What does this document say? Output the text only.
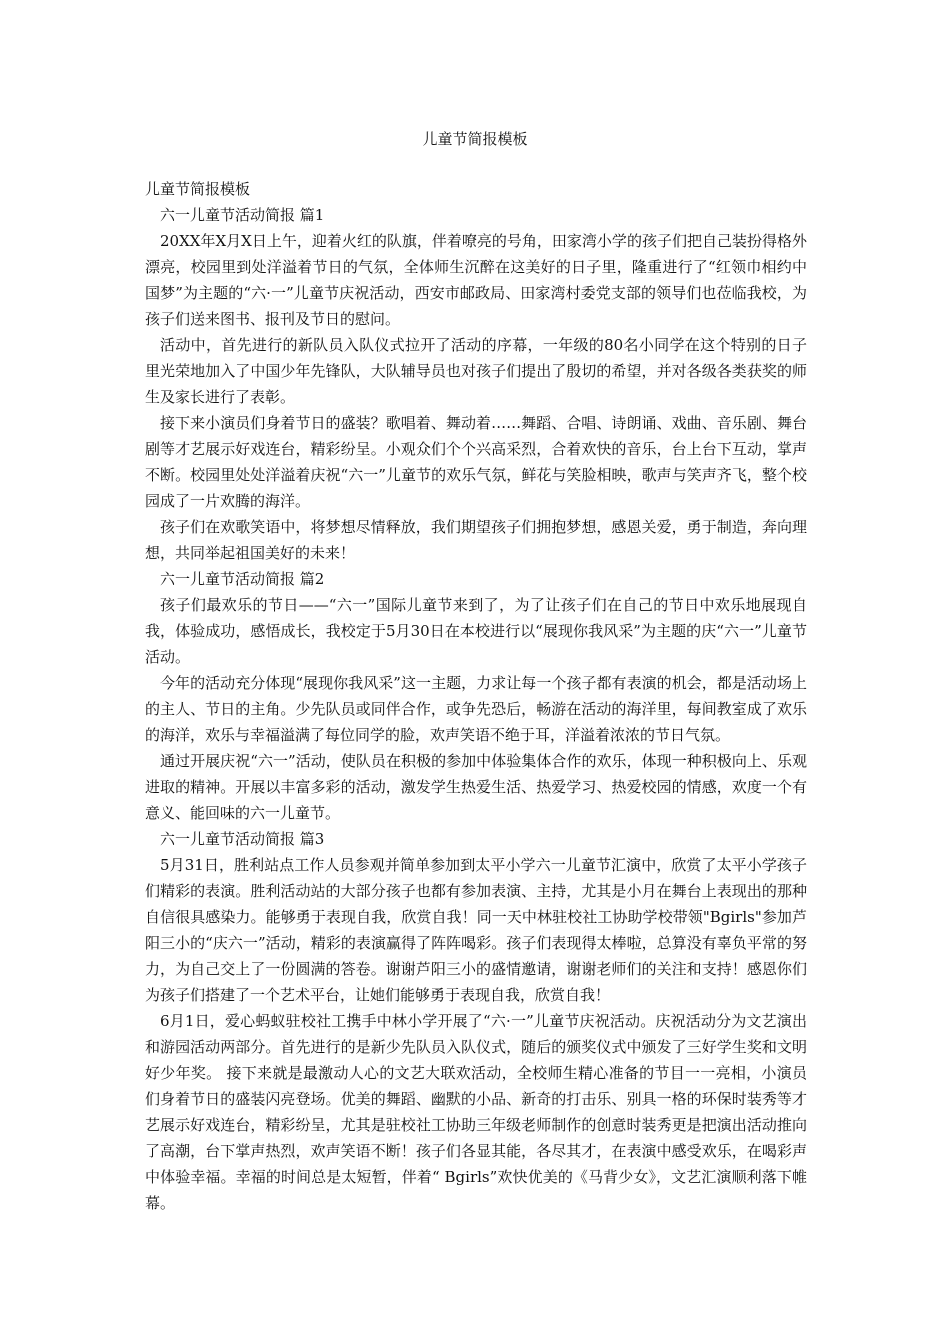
儿童节简报模板

儿童节简报模板

六一儿童节活动简报 篇1

20XX年X月X日上午，迎着火红的队旗，伴着嘹亮的号角，田家湾小学的孩子们把自己装扮得格外漂亮，校园里到处洋溢着节日的气氛，全体师生沉醉在这美好的日子里，隆重进行了“红领巾相约中国梦”为主题的“六·一”儿童节庆祝活动，西安市邮政局、田家湾村委党支部的领导们也莅临我校，为孩子们送来图书、报刊及节日的慰问。

活动中，首先进行的新队员入队仪式拉开了活动的序幕，一年级的80名小同学在这个特别的日子里光荣地加入了中国少年先锋队，大队辅导员也对孩子们提出了殷切的希望，并对各级各类获奖的师生及家长进行了表彰。

接下来小演员们身着节日的盛装？歌唱着、舞动着……舞蹈、合唱、诗朗诵、戏曲、音乐剧、舞台剧等才艺展示好戏连台，精彩纷呈。小观众们个个兴高采烈，合着欢快的音乐，台上台下互动，掌声不断。校园里处处洋溢着庆祝“六一”儿童节的欢乐气氛，鲜花与笑脸相映，歌声与笑声齐飞，整个校园成了一片欢腾的海洋。

孩子们在欢歌笑语中，将梦想尽情释放，我们期望孩子们拥抱梦想，感恩关爱，勇于制造，奔向理想，共同举起祖国美好的未来！

六一儿童节活动简报 篇2

孩子们最欢乐的节日——“六一”国际儿童节来到了，为了让孩子们在自己的节日中欢乐地展现自我，体验成功，感悟成长，我校定于5月30日在本校进行以“展现你我风采”为主题的庆“六一”儿童节活动。

今年的活动充分体现“展现你我风采”这一主题，力求让每一个孩子都有表演的机会，都是活动场上的主人、节日的主角。少先队员或同伴合作，或争先恐后，畅游在活动的海洋里，每间教室成了欢乐的海洋，欢乐与幸福溢满了每位同学的脸，欢声笑语不绝于耳，洋溢着浓浓的节日气氛。

通过开展庆祝“六一”活动，使队员在积极的参加中体验集体合作的欢乐，体现一种积极向上、乐观进取的精神。开展以丰富多彩的活动，激发学生热爱生活、热爱学习、热爱校园的情感，欢度一个有意义、能回味的六一儿童节。

六一儿童节活动简报 篇3

5月31日，胜利站点工作人员参观并简单参加到太平小学六一儿童节汇演中，欣赏了太平小学孩子们精彩的表演。胜利活动站的大部分孩子也都有参加表演、主持，尤其是小月在舞台上表现出的那种自信很具感染力。能够勇于表现自我，欣赏自我！同一天中林驻校社工协助学校带领"Bgirls"参加芦阳三小的“庆六一”活动，精彩的表演赢得了阵阵喝彩。孩子们表现得太棒啦，总算没有辜负平常的努力，为自己交上了一份圆满的答卷。谢谢芦阳三小的盛情邀请，谢谢老师们的关注和支持！感恩你们为孩子们搭建了一个艺术平台，让她们能够勇于表现自我，欣赏自我！

6月1日，爱心蚂蚁驻校社工携手中林小学开展了“六·一”儿童节庆祝活动。庆祝活动分为文艺演出和游园活动两部分。首先进行的是新少先队员入队仪式，随后的颁奖仪式中颁发了三好学生奖和文明好少年奖。 接下来就是最激动人心的文艺大联欢活动，全校师生精心准备的节目一一亮相，小演员们身着节日的盛装闪亮登场。优美的舞蹈、幽默的小品、新奇的打击乐、别具一格的环保时装秀等才艺展示好戏连台，精彩纷呈，尤其是驻校社工协助三年级老师制作的创意时装秀更是把演出活动推向了高潮，台下掌声热烈，欢声笑语不断！孩子们各显其能，各尽其才，在表演中感受欢乐，在喝彩声中体验幸福。幸福的时间总是太短暂，伴着“ Bgirls”欢快优美的《马背少女》，文艺汇演顺利落下帷幕。
